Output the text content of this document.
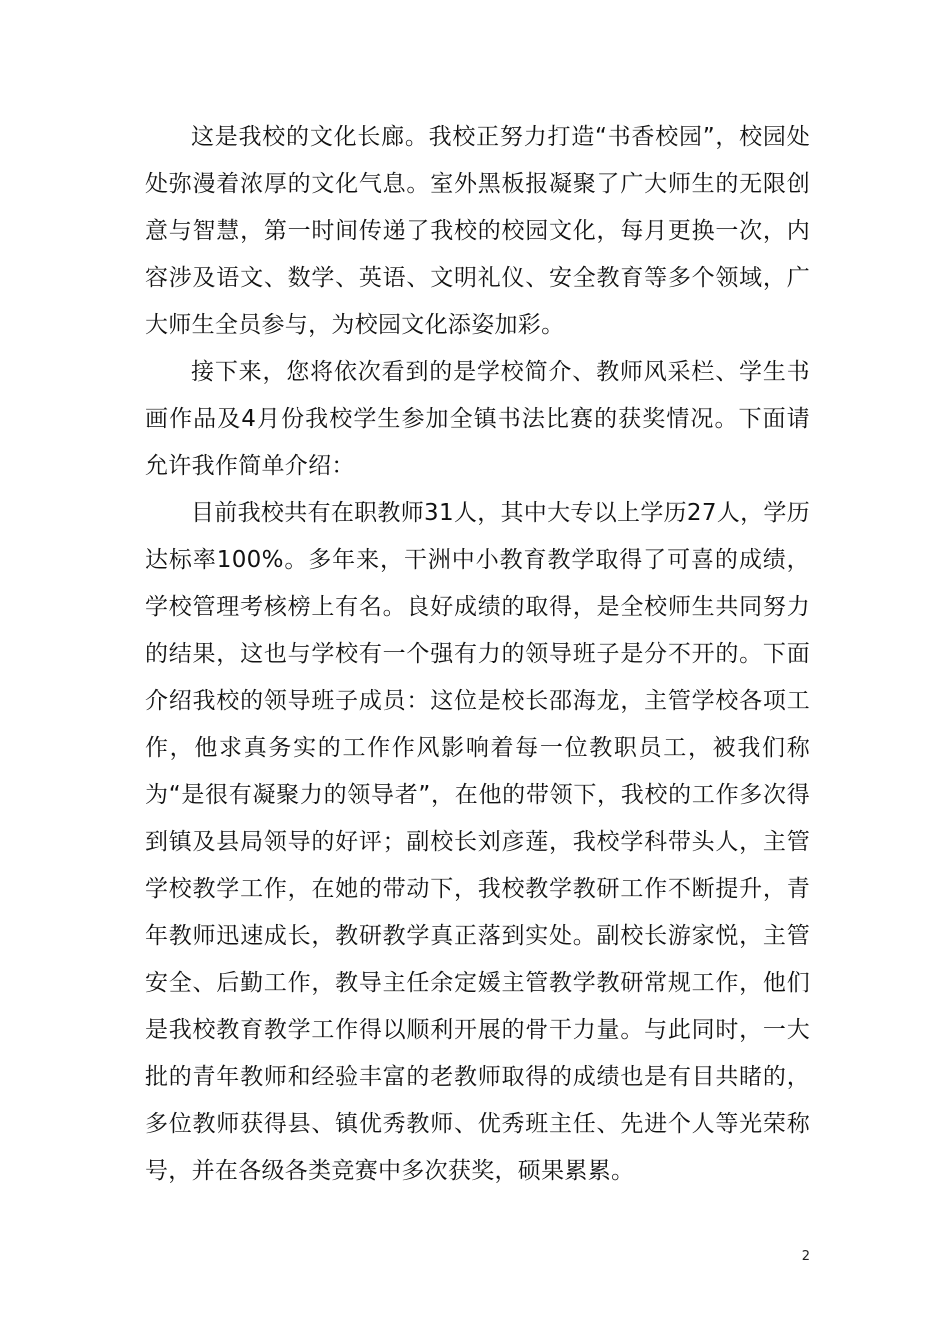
这是我校的文化长廊。我校正努力打造“书香校园”，校园处处弥漫着浓厚的文化气息。室外黑板报凝聚了广大师生的无限创意与智慧，第一时间传递了我校的校园文化，每月更换一次，内容涉及语文、数学、英语、文明礼仪、安全教育等多个领域，广大师生全员参与，为校园文化添姿加彩。

接下来，您将依次看到的是学校简介、教师风采栏、学生书画作品及4月份我校学生参加全镇书法比赛的获奖情况。下面请允许我作简单介绍：

目前我校共有在职教师31人，其中大专以上学历27人，学历达标率100%。多年来，干洲中小教育教学取得了可喜的成绩，学校管理考核榜上有名。良好成绩的取得，是全校师生共同努力的结果，这也与学校有一个强有力的领导班子是分不开的。下面介绍我校的领导班子成员：这位是校长邵海龙，主管学校各项工作，他求真务实的工作作风影响着每一位教职员工，被我们称为“是很有凝聚力的领导者”，在他的带领下，我校的工作多次得到镇及县局领导的好评；副校长刘彦莲，我校学科带头人，主管学校教学工作，在她的带动下，我校教学教研工作不断提升，青年教师迅速成长，教研教学真正落到实处。副校长游家悦，主管安全、后勤工作，教导主任余定媛主管教学教研常规工作，他们是我校教育教学工作得以顺利开展的骨干力量。与此同时，一大批的青年教师和经验丰富的老教师取得的成绩也是有目共睹的，多位教师获得县、镇优秀教师、优秀班主任、先进个人等光荣称号，并在各级各类竞赛中多次获奖，硕果累累。

2
